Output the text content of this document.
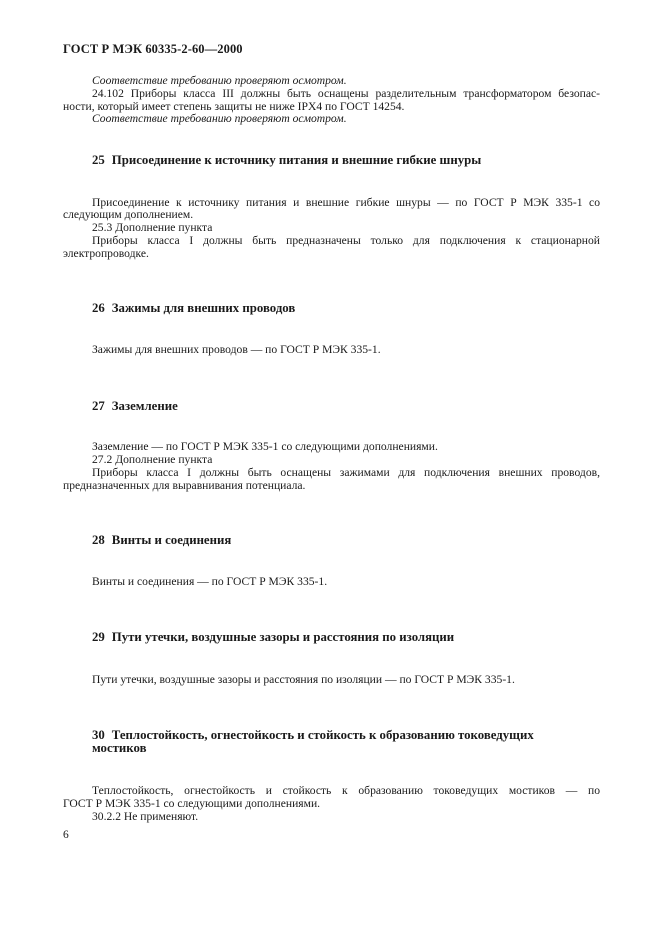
ГОСТ Р МЭК 60335-2-60—2000
Соответствие требованию проверяют осмотром.
24.102 Приборы класса III должны быть оснащены разделительным трансформатором безопас-
ности, который имеет степень защиты не ниже IPX4 по ГОСТ 14254.
Соответствие требованию проверяют осмотром.
25 Присоединение к источнику питания и внешние гибкие шнуры
Присоединение к источнику питания и внешние гибкие шнуры — по ГОСТ Р МЭК 335-1 со
следующим дополнением.
25.3 Дополнение пункта
Приборы класса I должны быть предназначены только для подключения к стационарной
электропроводке.
26 Зажимы для внешних проводов
Зажимы для внешних проводов — по ГОСТ Р МЭК 335-1.
27 Заземление
Заземление — по ГОСТ Р МЭК 335-1 со следующими дополнениями.
27.2 Дополнение пункта
Приборы класса I должны быть оснащены зажимами для подключения внешних проводов,
предназначенных для выравнивания потенциала.
28 Винты и соединения
Винты и соединения — по ГОСТ Р МЭК 335-1.
29 Пути утечки, воздушные зазоры и расстояния по изоляции
Пути утечки, воздушные зазоры и расстояния по изоляции — по ГОСТ Р МЭК 335-1.
30 Теплостойкость, огнестойкость и стойкость к образованию токоведущих
мостиков
Теплостойкость, огнестойкость и стойкость к образованию токоведущих мостиков — по
ГОСТ Р МЭК 335-1 со следующими дополнениями.
30.2.2 Не применяют.
6
